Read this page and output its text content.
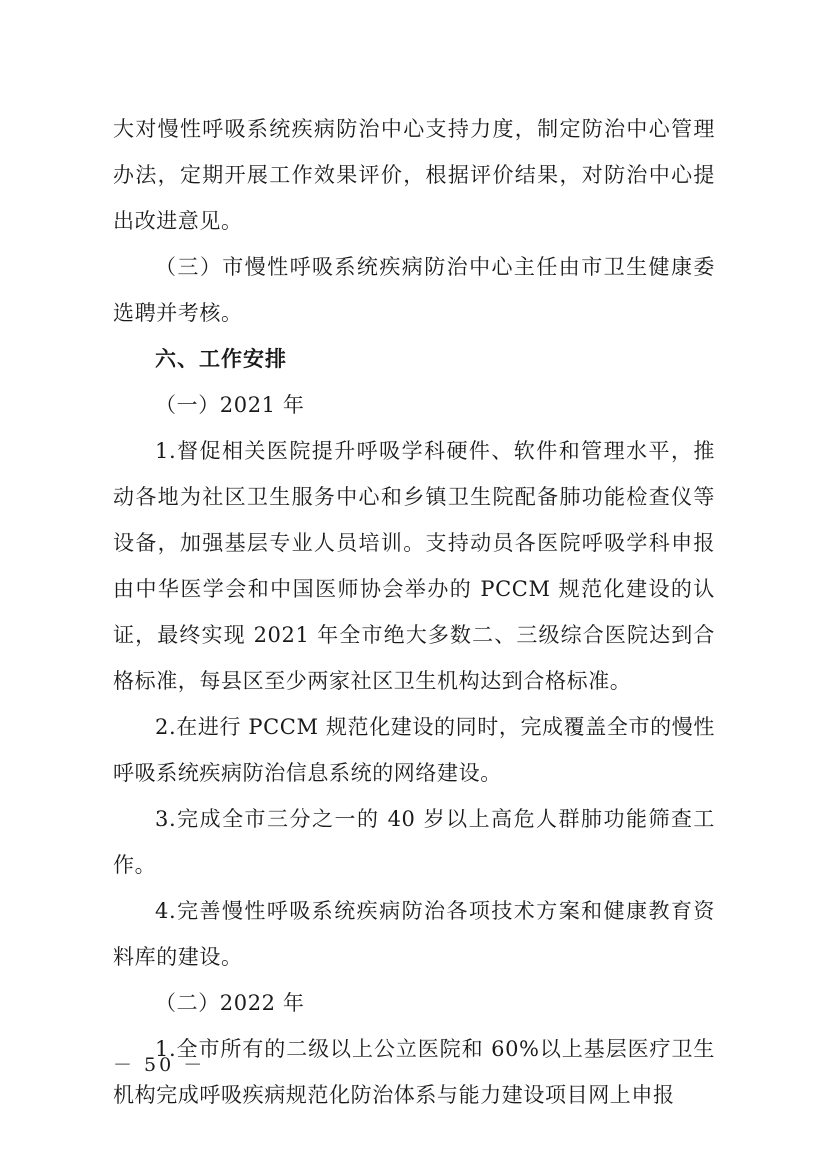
大对慢性呼吸系统疾病防治中心支持力度，制定防治中心管理办法，定期开展工作效果评价，根据评价结果，对防治中心提出改进意见。

（三）市慢性呼吸系统疾病防治中心主任由市卫生健康委选聘并考核。

六、工作安排

（一）2021 年

1.督促相关医院提升呼吸学科硬件、软件和管理水平，推动各地为社区卫生服务中心和乡镇卫生院配备肺功能检查仪等设备，加强基层专业人员培训。支持动员各医院呼吸学科申报由中华医学会和中国医师协会举办的 PCCM 规范化建设的认证，最终实现 2021 年全市绝大多数二、三级综合医院达到合格标准，每县区至少两家社区卫生机构达到合格标准。

2.在进行 PCCM 规范化建设的同时，完成覆盖全市的慢性呼吸系统疾病防治信息系统的网络建设。

3.完成全市三分之一的 40 岁以上高危人群肺功能筛查工作。

4.完善慢性呼吸系统疾病防治各项技术方案和健康教育资料库的建设。

（二）2022 年

1.全市所有的二级以上公立医院和 60%以上基层医疗卫生机构完成呼吸疾病规范化防治体系与能力建设项目网上申报

－ 50 －
